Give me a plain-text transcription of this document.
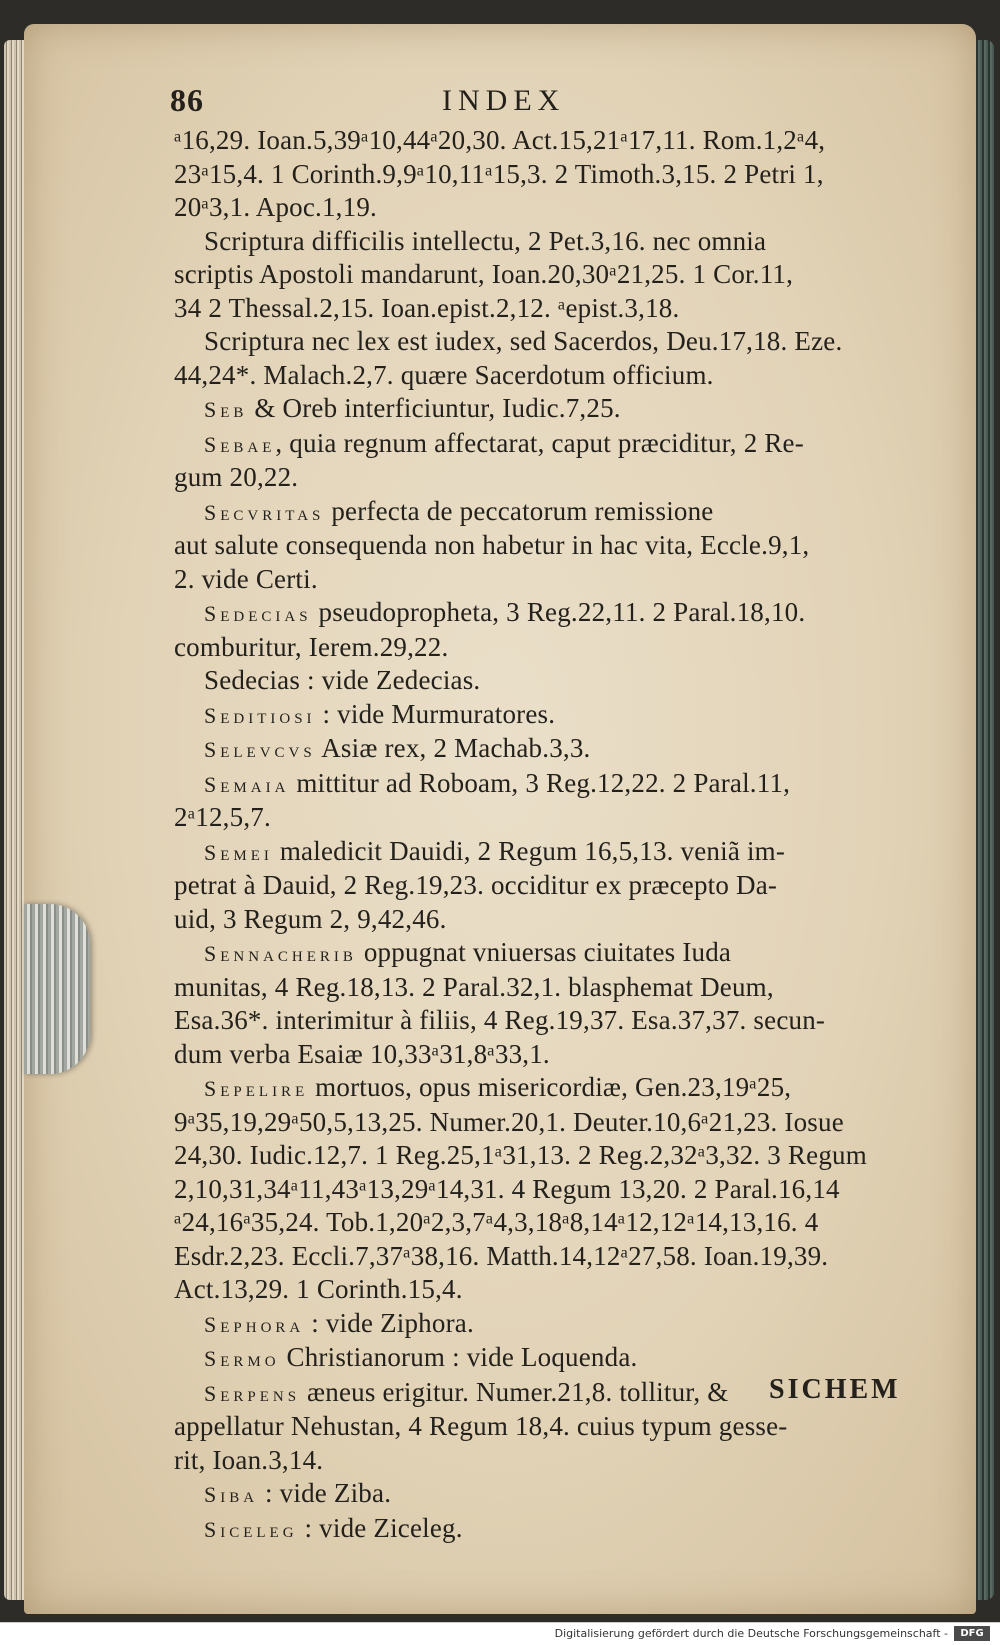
86	INDEX
ᵃ16,29. Ioan.5,39ᵃ10,44ᵃ20,30. Act.15,21ᵃ17,11. Rom.1,2ᵃ4,
23ᵃ15,4. 1 Corinth.9,9ᵃ10,11ᵃ15,3. 2 Timoth.3,15. 2 Petri 1,
20ᵃ3,1. Apoc.1,19.
Scriptura difficilis intellectu, 2 Pet.3,16. nec omnia
scriptis Apostoli mandarunt, Ioan.20,30ᵃ21,25. 1 Cor.11,
34 2 Thessal.2,15. Ioan.epist.2,12. ᵃepist.3,18.
Scriptura nec lex est iudex, sed Sacerdos, Deu.17,18. Eze.
44,24*. Malach.2,7. quære Sacerdotum officium.
Seb & Oreb interficiuntur, Iudic.7,25.
Sebae, quia regnum affectarat, caput præciditur, 2 Re-
gum 20,22.
Secvritas perfecta de peccatorum remissione
aut salute consequenda non habetur in hac vita, Eccle.9,1,
2. vide Certi.
Sedecias pseudopropheta, 3 Reg.22,11. 2 Paral.18,10.
comburitur, Ierem.29,22.
Sedecias : vide Zedecias.
Seditiosi : vide Murmuratores.
Selevcvs Asiæ rex, 2 Machab.3,3.
Semaia mittitur ad Roboam, 3 Reg.12,22. 2 Paral.11,
2ᵃ12,5,7.
Semei maledicit Dauidi, 2 Regum 16,5,13. veniã im-
petrat à Dauid, 2 Reg.19,23. occiditur ex præcepto Da-
uid, 3 Regum 2, 9,42,46.
Sennacherib oppugnat vniuersas ciuitates Iuda
munitas, 4 Reg.18,13. 2 Paral.32,1. blasphemat Deum,
Esa.36*. interimitur à filiis, 4 Reg.19,37. Esa.37,37. secun-
dum verba Esaiæ 10,33ᵃ31,8ᵃ33,1.
Sepelire mortuos, opus misericordiæ, Gen.23,19ᵃ25,
9ᵃ35,19,29ᵃ50,5,13,25. Numer.20,1. Deuter.10,6ᵃ21,23. Iosue
24,30. Iudic.12,7. 1 Reg.25,1ᵃ31,13. 2 Reg.2,32ᵃ3,32. 3 Regum
2,10,31,34ᵃ11,43ᵃ13,29ᵃ14,31. 4 Regum 13,20. 2 Paral.16,14
ᵃ24,16ᵃ35,24. Tob.1,20ᵃ2,3,7ᵃ4,3,18ᵃ8,14ᵃ12,12ᵃ14,13,16. 4
Esdr.2,23. Eccli.7,37ᵃ38,16. Matth.14,12ᵃ27,58. Ioan.19,39.
Act.13,29. 1 Corinth.15,4.
Sephora : vide Ziphora.
Sermo Christianorum : vide Loquenda.
Serpens æneus erigitur. Numer.21,8. tollitur, &
appellatur Nehustan, 4 Regum 18,4. cuius typum gesse-
rit, Ioan.3,14.
Siba : vide Ziba.
Siceleg : vide Ziceleg.
SICHEM
Digitalisierung gefördert durch die Deutsche Forschungsgemeinschaft -	DFG
